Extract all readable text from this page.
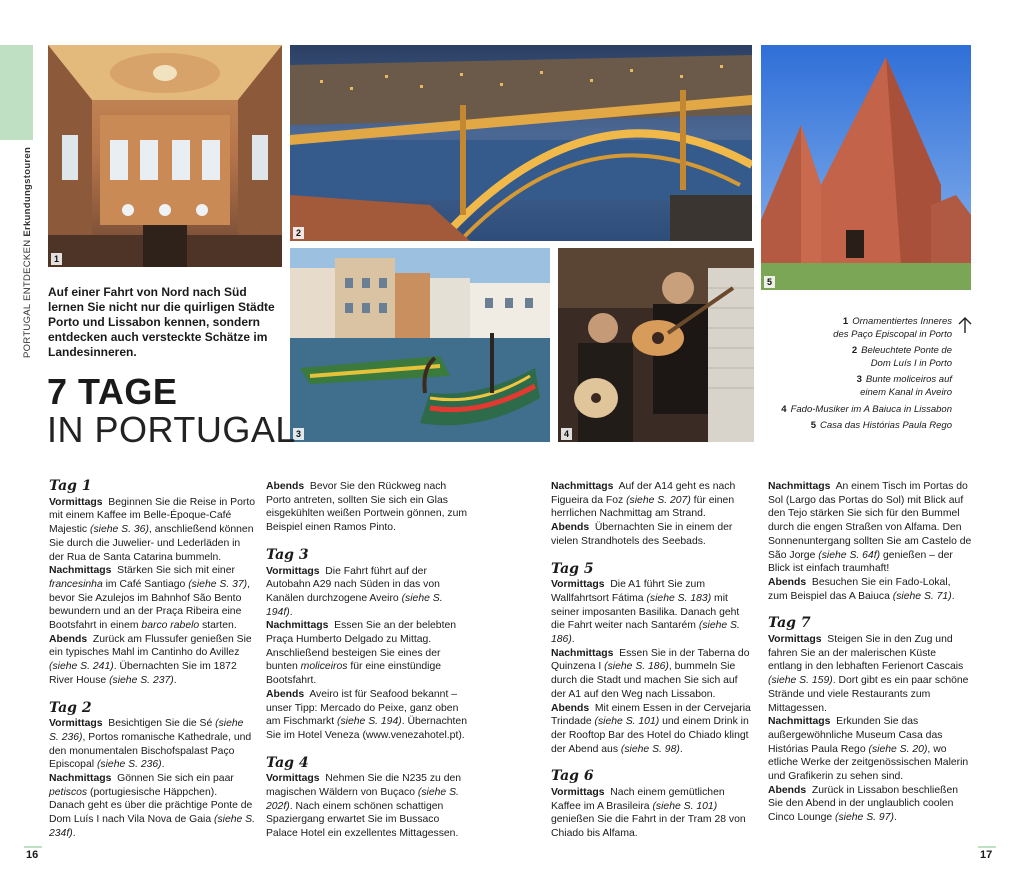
PORTUGAL ENTDECKEN Erkundungstouren
1
2
3	4
5
Auf einer Fahrt von Nord nach Süd lernen Sie nicht nur die quirligen Städte Porto und Lissabon kennen, sondern entdecken auch versteckte Schätze im Landesinneren.
7 TAGE
IN PORTUGAL
1 Ornamentiertes Inneres
des Paço Episcopal in Porto
2 Beleuchtete Ponte de
Dom Luís I in Porto
3 Bunte moliceiros auf
einem Kanal in Aveiro
4 Fado-Musiker im A Baiuca in Lissabon
5 Casa das Histórias Paula Rego
Tag 1

Vormittags Beginnen Sie die Reise in Porto mit einem Kaffee im Belle-Époque-Café Majestic (siehe S. 36), anschließend können Sie durch die Juwelier- und Lederläden in der Rua de Santa Catarina bummeln.

Nachmittags Stärken Sie sich mit einer francesinha im Café Santiago (siehe S. 37), bevor Sie Azulejos im Bahnhof São Bento bewundern und an der Praça Ribeira eine Bootsfahrt in einem barco rabelo starten.

Abends Zurück am Flussufer genießen Sie ein typisches Mahl im Cantinho do Avillez (siehe S. 241). Übernachten Sie im 1872 River House (siehe S. 237).

Tag 2

Vormittags Besichtigen Sie die Sé (siehe S. 236), Portos romanische Kathedrale, und den monumentalen Bischofspalast Paço Episcopal (siehe S. 236).

Nachmittags Gönnen Sie sich ein paar petiscos (portugiesische Häppchen). Danach geht es über die prächtige Ponte de Dom Luís I nach Vila Nova de Gaia (siehe S. 234f).

Abends Bevor Sie den Rückweg nach Porto antreten, sollten Sie sich ein Glas eisgekühlten weißen Portwein gönnen, zum Beispiel einen Ramos Pinto.

Tag 3

Vormittags Die Fahrt führt auf der Autobahn A29 nach Süden in das von Kanälen durchzogene Aveiro (siehe S. 194f).

Nachmittags Essen Sie an der belebten Praça Humberto Delgado zu Mittag. Anschließend besteigen Sie eines der bunten moliceiros für eine einstündige Bootsfahrt.

Abends Aveiro ist für Seafood bekannt – unser Tipp: Mercado do Peixe, ganz oben am Fischmarkt (siehe S. 194). Übernachten Sie im Hotel Veneza (www.venezahotel.pt).

Tag 4

Vormittags Nehmen Sie die N235 zu den magischen Wäldern von Buçaco (siehe S. 202f). Nach einem schönen schattigen Spaziergang erwartet Sie im Bussaco Palace Hotel ein exzellentes Mittagessen.

Nachmittags Auf der A14 geht es nach Figueira da Foz (siehe S. 207) für einen herrlichen Nachmittag am Strand.

Abends Übernachten Sie in einem der vielen Strandhotels des Seebads.

Tag 5

Vormittags Die A1 führt Sie zum Wallfahrtsort Fátima (siehe S. 183) mit seiner imposanten Basilika. Danach geht die Fahrt weiter nach Santarém (siehe S. 186).

Nachmittags Essen Sie in der Taberna do Quinzena I (siehe S. 186), bummeln Sie durch die Stadt und machen Sie sich auf der A1 auf den Weg nach Lissabon.

Abends Mit einem Essen in der Cervejaria Trindade (siehe S. 101) und einem Drink in der Rooftop Bar des Hotel do Chiado klingt der Abend aus (siehe S. 98).

Tag 6

Vormittags Nach einem gemütlichen Kaffee im A Brasileira (siehe S. 101) genießen Sie die Fahrt in der Tram 28 von Chiado bis Alfama.

Nachmittags An einem Tisch im Portas do Sol (Largo das Portas do Sol) mit Blick auf den Tejo stärken Sie sich für den Bummel durch die engen Straßen von Alfama. Den Sonnenuntergang sollten Sie am Castelo de São Jorge (siehe S. 64f) genießen – der Blick ist einfach traumhaft!

Abends Besuchen Sie ein Fado-Lokal, zum Beispiel das A Baiuca (siehe S. 71).

Tag 7

Vormittags Steigen Sie in den Zug und fahren Sie an der malerischen Küste entlang in den lebhaften Ferienort Cascais (siehe S. 159). Dort gibt es ein paar schöne Strände und viele Restaurants zum Mittagessen.

Nachmittags Erkunden Sie das außergewöhnliche Museum Casa das Histórias Paula Rego (siehe S. 20), wo etliche Werke der zeitgenössischen Malerin und Grafikerin zu sehen sind.

Abends Zurück in Lissabon beschließen Sie den Abend in der unglaublich coolen Cinco Lounge (siehe S. 97).

16	17
